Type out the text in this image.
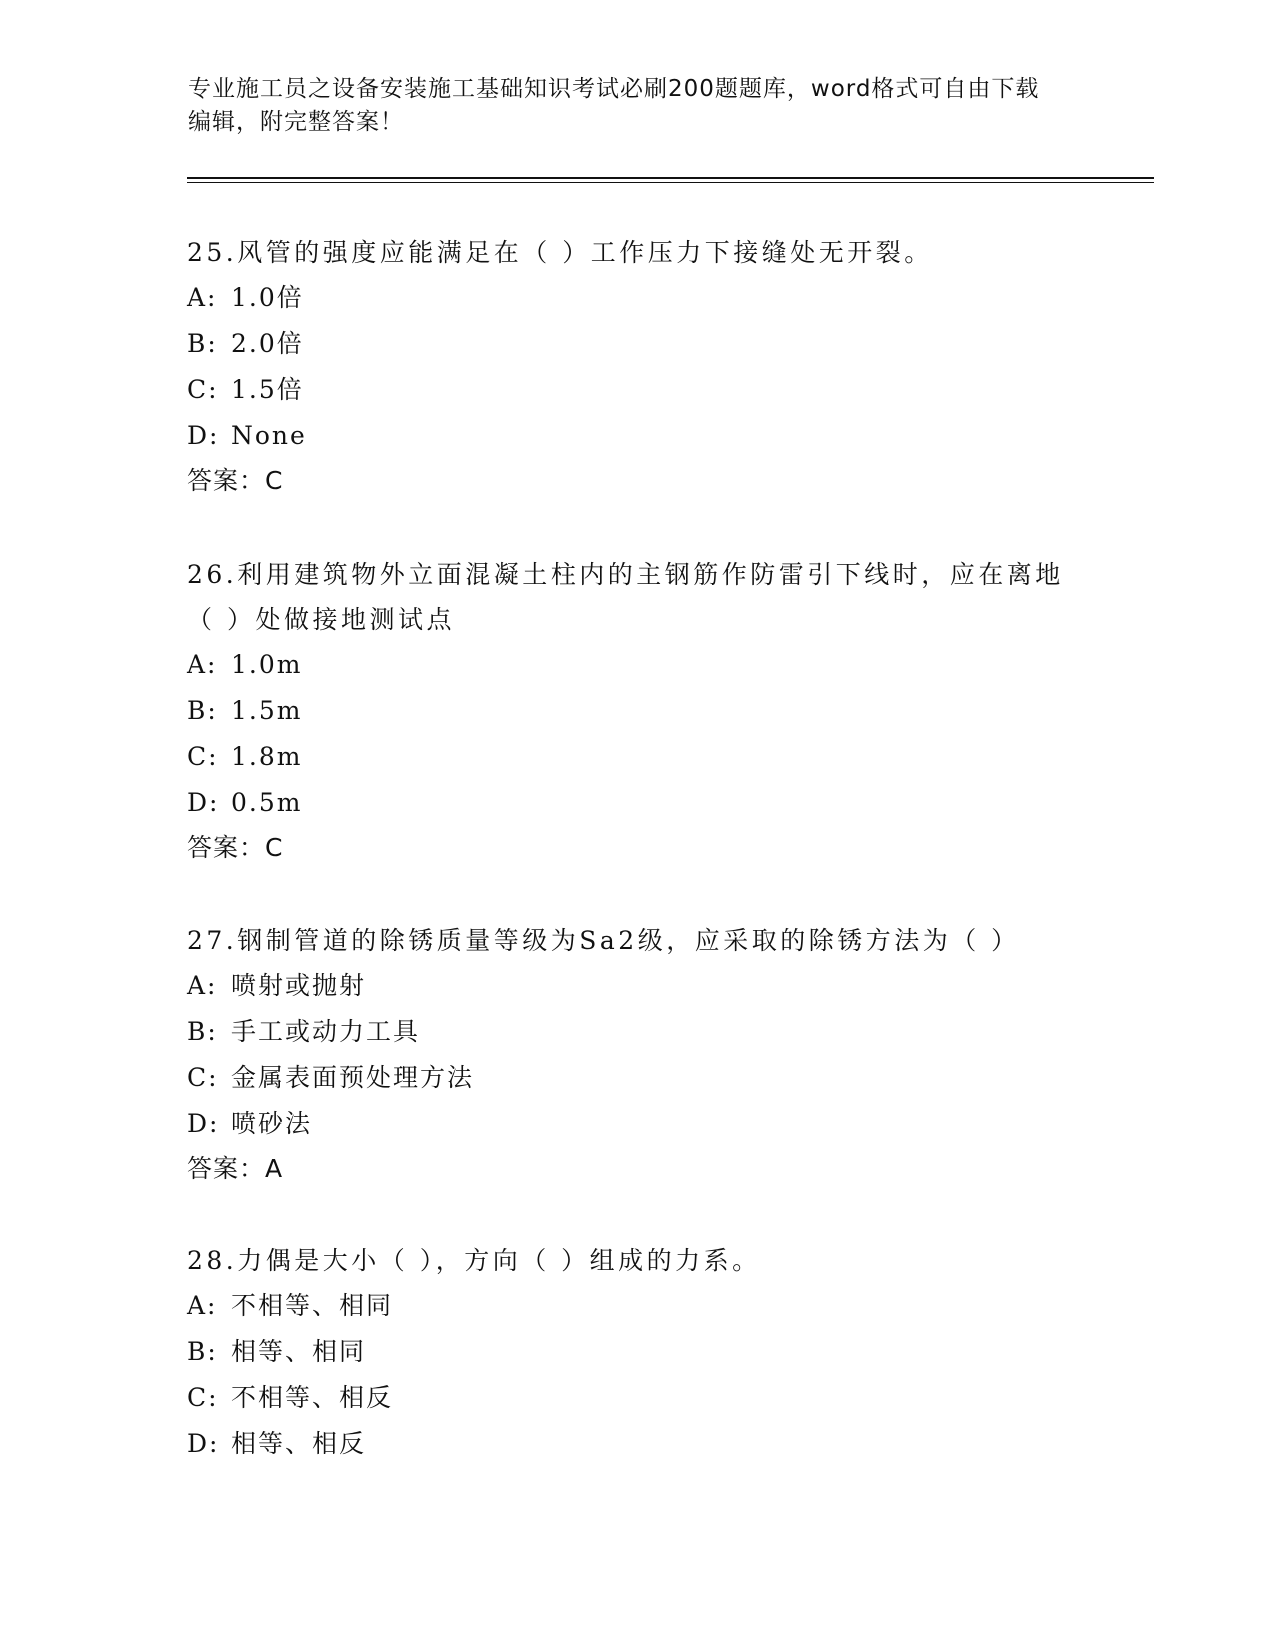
专业施工员之设备安装施工基础知识考试必刷200题题库，word格式可自由下载
编辑，附完整答案！
25.风管的强度应能满足在（ ）工作压力下接缝处无开裂。
A: 1.0倍
B: 2.0倍
C: 1.5倍
D: None
答案：C
26.利用建筑物外立面混凝土柱内的主钢筋作防雷引下线时，应在离地
（ ）处做接地测试点
A: 1.0m
B: 1.5m
C: 1.8m
D: 0.5m
答案：C
27.钢制管道的除锈质量等级为Sa2级，应采取的除锈方法为（ ）
A: 喷射或抛射
B: 手工或动力工具
C: 金属表面预处理方法
D: 喷砂法
答案：A
28.力偶是大小（ ），方向（ ）组成的力系。
A: 不相等、相同
B: 相等、相同
C: 不相等、相反
D: 相等、相反
